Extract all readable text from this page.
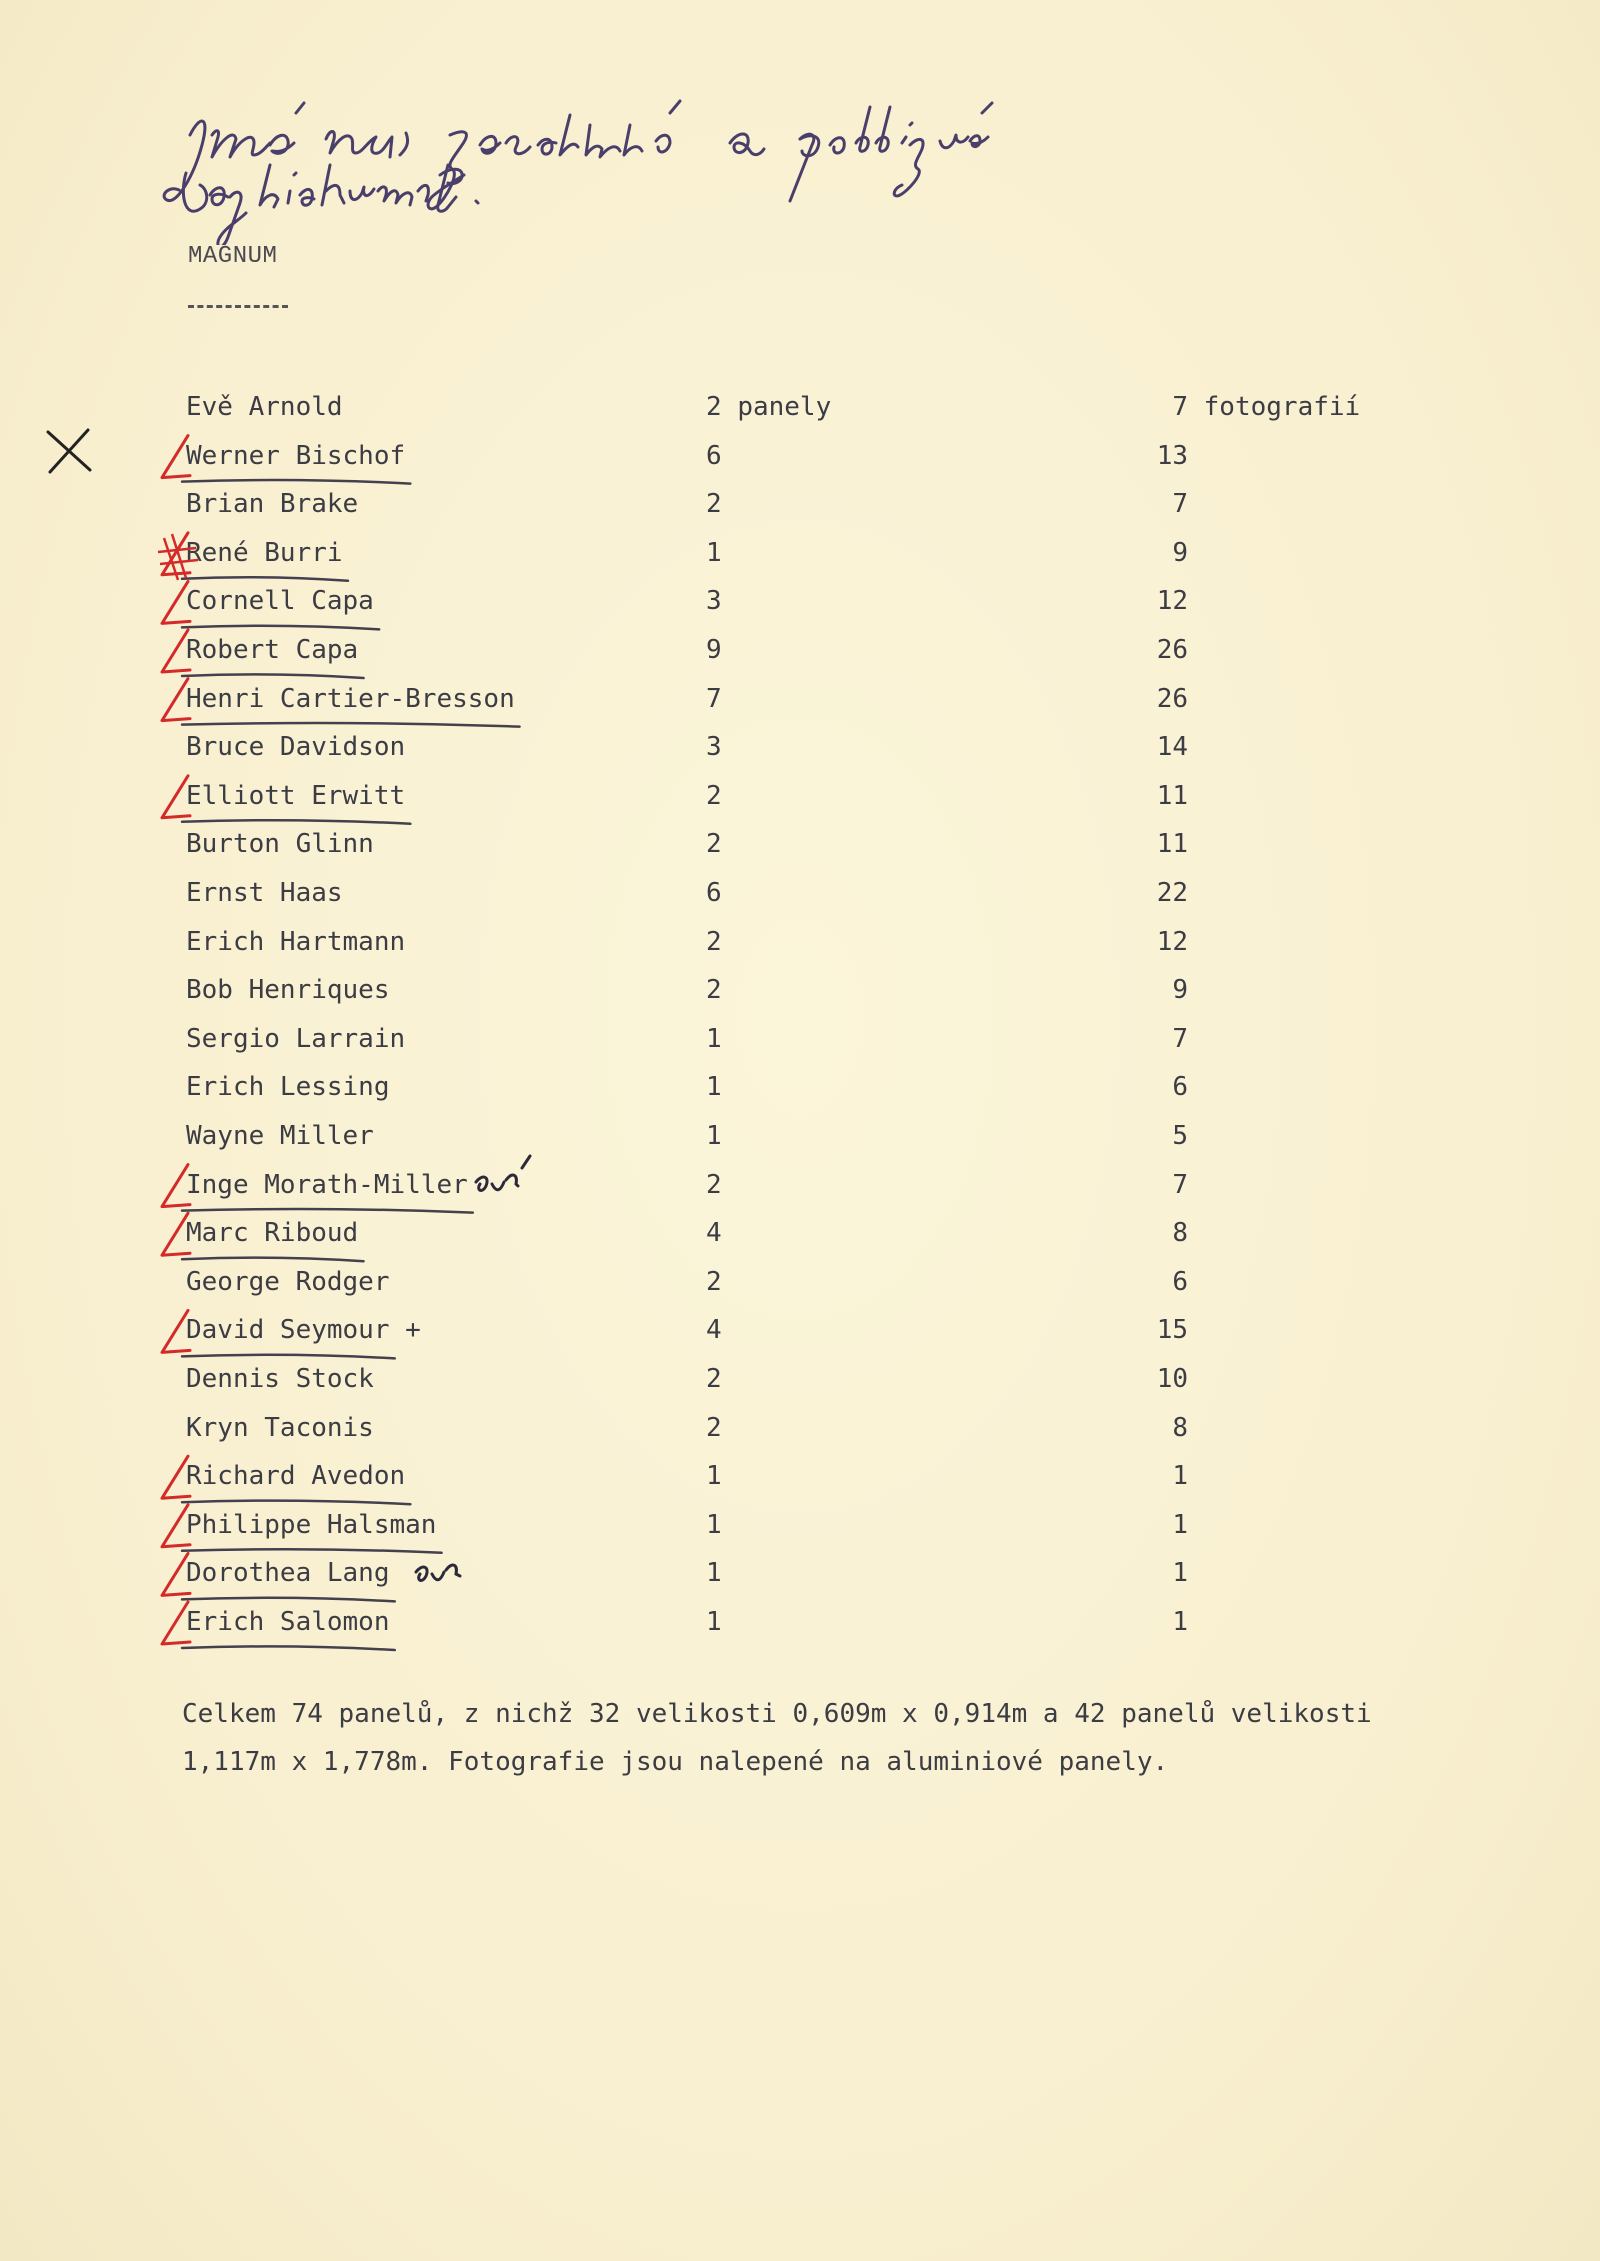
MAGNUM
Evě Arnold	2 panely	7 fotografií
Werner Bischof	6	13
Brian Brake	2	7
René Burri	1	9
Cornell Capa	3	12
Robert Capa	9	26
Henri Cartier-Bresson	7	26
Bruce Davidson	3	14
Elliott Erwitt	2	11
Burton Glinn	2	11
Ernst Haas	6	22
Erich Hartmann	2	12
Bob Henriques	2	9
Sergio Larrain	1	7
Erich Lessing	1	6
Wayne Miller	1	5
Inge Morath-Miller	2	7
Marc Riboud	4	8
George Rodger	2	6
David Seymour +	4	15
Dennis Stock	2	10
Kryn Taconis	2	8
Richard Avedon	1	1
Philippe Halsman	1	1
Dorothea Lang	1	1
Erich Salomon	1	1

Celkem 74 panelů, z nichž 32 velikosti 0,609m x 0,914m a 42 panelů velikosti

1,117m x 1,778m. Fotografie jsou nalepené na aluminiové panely.
